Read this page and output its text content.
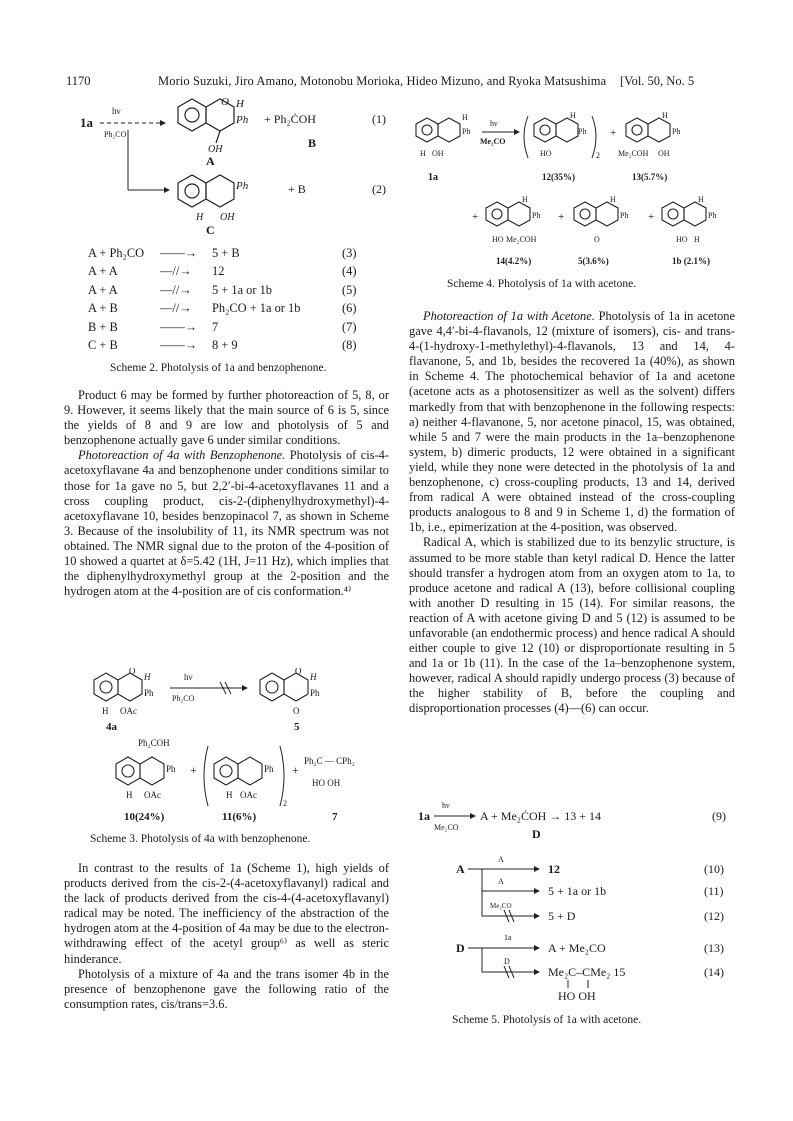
1170	Morio Suzuki, Jiro Amano, Motonobu Morioka, Hideo Mizuno, and Ryoka Matsushima [Vol. 50, No. 5
1a
hν
Ph₂CO
O H
Ph
OH
A
+ Ph₂ĊOH	(1)
B
Ph
H OH
C
+ B	(2)
A + Ph₂CO ——→ 5 + B	(3)
A + A	—//→ 12	(4)
A + A	—//→ 5 + 1a or 1b	(5)
A + B	—//→ Ph₂CO + 1a or 1b	(6)
B + B	——→ 7	(7)
C + B	——→ 8 + 9	(8)
Scheme 2. Photolysis of 1a and benzophenone.

Product 6 may be formed by further photoreaction of 5, 8, or 9. However, it seems likely that the main source of 6 is 5, since the yields of 8 and 9 are low and photolysis of 5 and benzophenone actually gave 6 under similar conditions.

Photoreaction of 4a with Benzophenone. Photolysis of cis-4-acetoxyflavane 4a and benzophenone under conditions similar to those for 1a gave no 5, but 2,2′-bi-4-acetoxyflavanes 11 and a cross coupling product, cis-2-(diphenylhydroxymethyl)-4-acetoxyflavane 10, besides benzopinacol 7, as shown in Scheme 3. Because of the insolubility of 11, its NMR spectrum was not obtained. The NMR signal due to the proton of the 4-position of 10 showed a quartet at δ=5.42 (1H, J=11 Hz), which implies that the diphenylhydroxymethyl group at the 2-position and the hydrogen atom at the 4-position are of cis conformation.⁴⁾

O
H
Ph
H OAc
4a
hν
Ph₂CO
O
H
Ph
O
5
Ph₂COH
Ph
H OAc
10(24%)
+	Ph
2
H OAc
11(6%)
+
Ph₂C — CPh₂
HO OH
7
Scheme 3. Photolysis of 4a with benzophenone.

In contrast to the results of 1a (Scheme 1), high yields of products derived from the cis-2-(4-acetoxyflavanyl) radical and the lack of products derived from the cis-4-(4-acetoxyflavanyl) radical may be noted. The inefficiency of the abstraction of the hydrogen atom at the 4-position of 4a may be due to the electron-withdrawing effect of the acetyl group⁶⁾ as well as steric hinderance.

Photolysis of a mixture of 4a and the trans isomer 4b in the presence of benzophenone gave the following ratio of the consumption rates, cis/trans=3.6.

H
Ph
H OH
1a
hν
Me₂CO
H
Ph
HO	2
12(35%)
+
H
Ph
Me₂COH OH
13(5.7%)
+
H
Ph
HO Me₂COH
14(4.2%)
+
H
Ph
O
5(3.6%)
+
H
Ph
HO H
1b (2.1%)
Scheme 4. Photolysis of 1a with acetone.

Photoreaction of 1a with Acetone. Photolysis of 1a in acetone gave 4,4′-bi-4-flavanols, 12 (mixture of isomers), cis- and trans-4-(1-hydroxy-1-methylethyl)-4-flavanols, 13 and 14, 4-flavanone, 5, and 1b, besides the recovered 1a (40%), as shown in Scheme 4. The photochemical behavior of 1a and acetone (acetone acts as a photosensitizer as well as the solvent) differs markedly from that with benzophenone in the following respects: a) neither 4-flavanone, 5, nor acetone pinacol, 15, was obtained, while 5 and 7 were the main products in the 1a–benzophenone system, b) dimeric products, 12 were obtained in a significant yield, while they none were detected in the photolysis of 1a and benzophenone, c) cross-coupling products, 13 and 14, derived from radical A were obtained instead of the cross-coupling products analogous to 8 and 9 in Scheme 1, d) the formation of 1b, i.e., epimerization at the 4-position, was observed.

Radical A, which is stabilized due to its benzylic structure, is assumed to be more stable than ketyl radical D. Hence the latter should transfer a hydrogen atom from an oxygen atom to 1a, to produce acetone and radical A (13), before collisional coupling with another D resulting in 15 (14). For similar reasons, the reaction of A with acetone giving D and 5 (12) is assumed to be unfavorable (an endothermic process) and hence radical A should either couple to give 12 (10) or disproportionate resulting in 5 and 1a or 1b (11). In the case of the 1a–benzophenone system, however, radical A should rapidly undergo process (3) because of the higher stability of B, before the coupling and disproportionation processes (4)—(6) can occur.

1a
hν
Me₂CO
A + Me₂ĊOH → 13 + 14	(9)
D
A
A
12	(10)
A
5 + 1a or 1b	(11)
Me₂CO
5 + D	(12)
D
1a
A + Me₂CO	(13)
D
Me₂C–CMe₂ 15	(14)
HO OH
Scheme 5. Photolysis of 1a with acetone.
